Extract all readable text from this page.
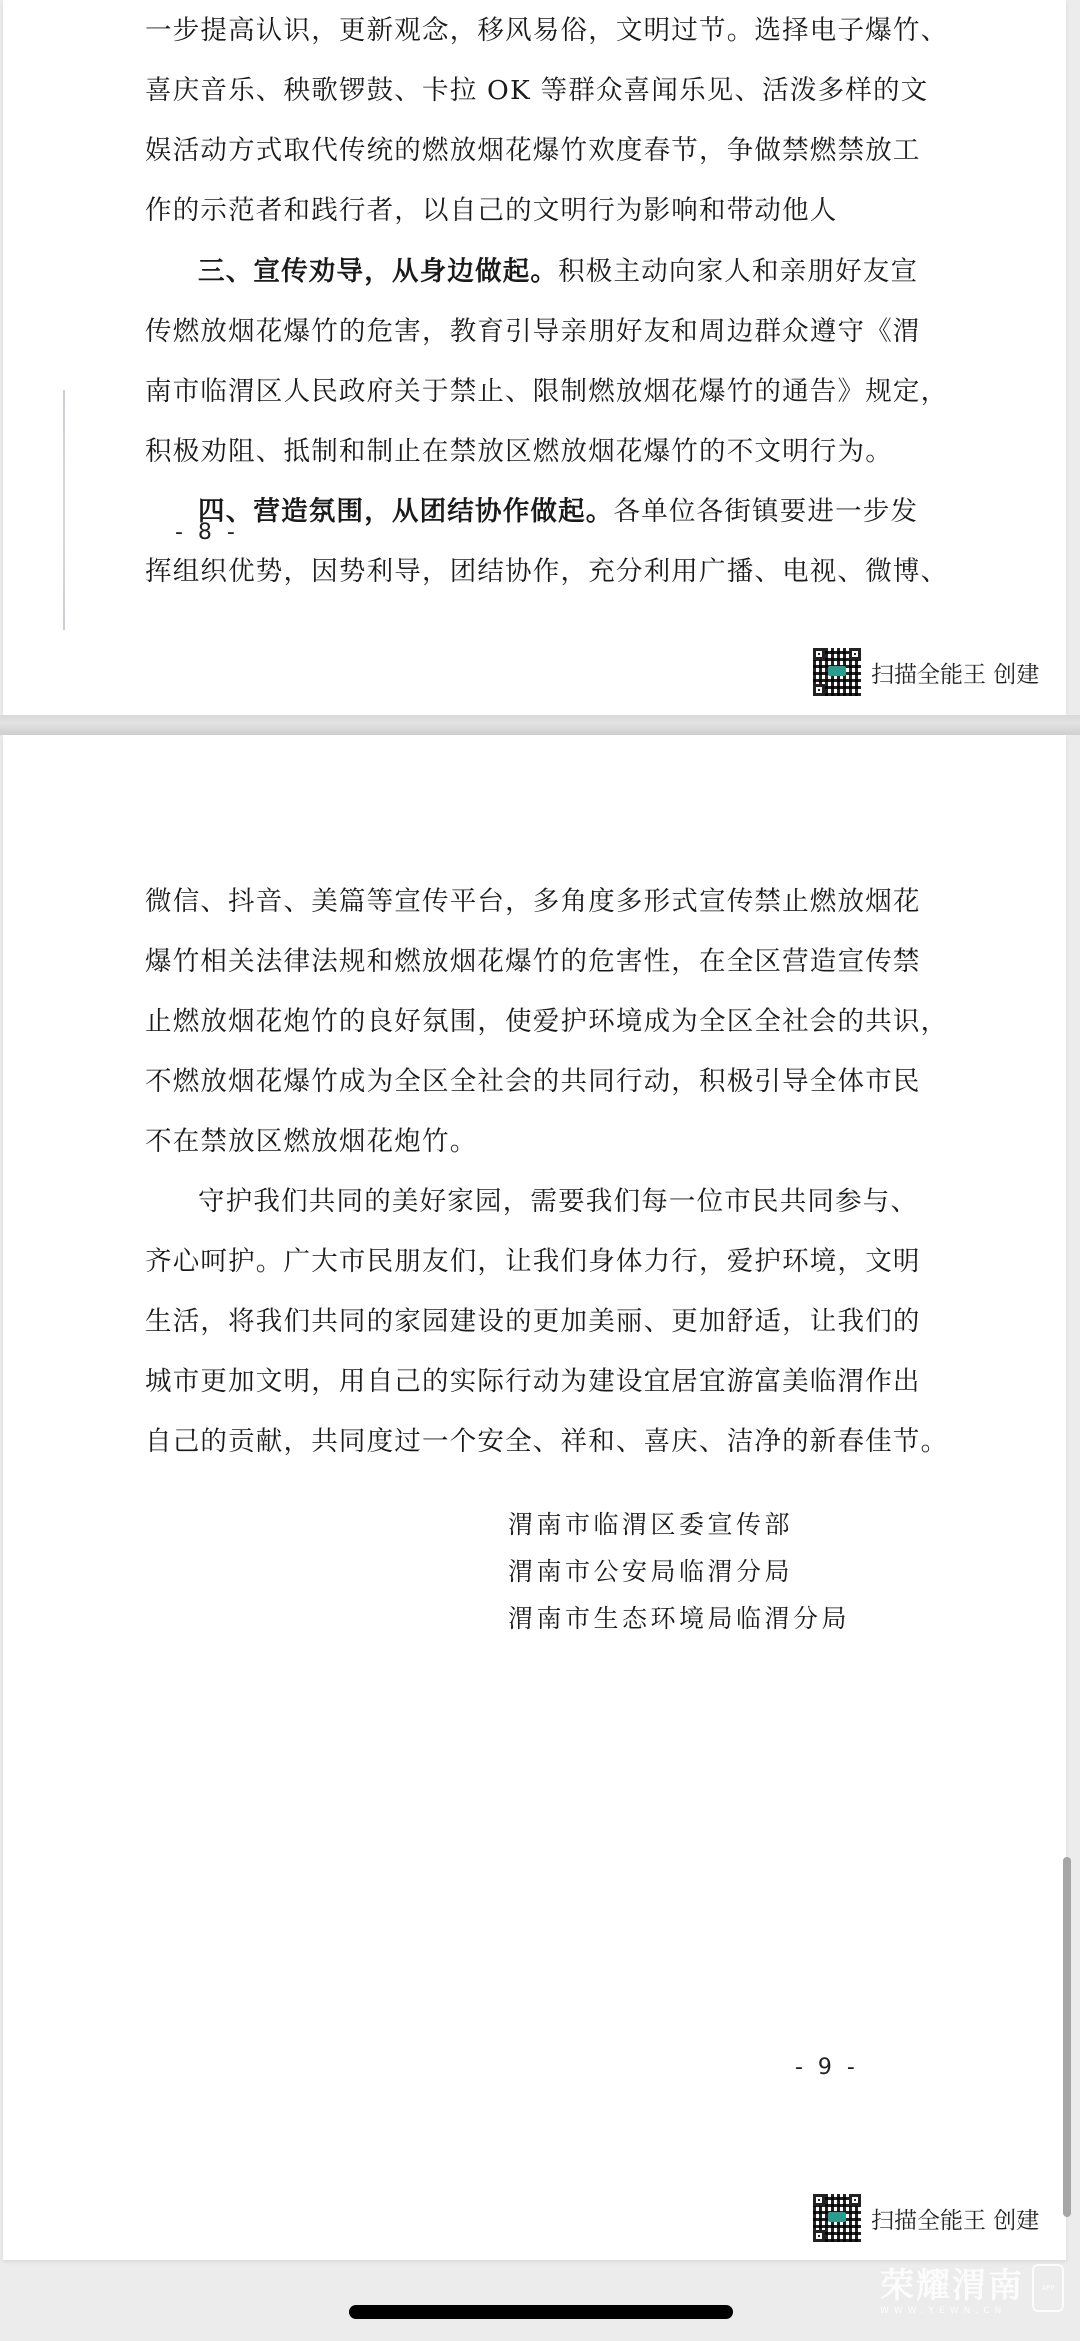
一步提高认识，更新观念，移风易俗，文明过节。选择电子爆竹、
喜庆音乐、秧歌锣鼓、卡拉 OK 等群众喜闻乐见、活泼多样的文
娱活动方式取代传统的燃放烟花爆竹欢度春节，争做禁燃禁放工
作的示范者和践行者，以自己的文明行为影响和带动他人
三、宣传劝导，从身边做起。积极主动向家人和亲朋好友宣
传燃放烟花爆竹的危害，教育引导亲朋好友和周边群众遵守《渭
南市临渭区人民政府关于禁止、限制燃放烟花爆竹的通告》规定，
积极劝阻、抵制和制止在禁放区燃放烟花爆竹的不文明行为。
四、营造氛围，从团结协作做起。各单位各街镇要进一步发
挥组织优势，因势利导，团结协作，充分利用广播、电视、微博、
- 8 -
扫描全能王 创建
微信、抖音、美篇等宣传平台，多角度多形式宣传禁止燃放烟花
爆竹相关法律法规和燃放烟花爆竹的危害性，在全区营造宣传禁
止燃放烟花炮竹的良好氛围，使爱护环境成为全区全社会的共识，
不燃放烟花爆竹成为全区全社会的共同行动，积极引导全体市民
不在禁放区燃放烟花炮竹。
守护我们共同的美好家园，需要我们每一位市民共同参与、
齐心呵护。广大市民朋友们，让我们身体力行，爱护环境，文明
生活，将我们共同的家园建设的更加美丽、更加舒适，让我们的
城市更加文明，用自己的实际行动为建设宜居宜游富美临渭作出
自己的贡献，共同度过一个安全、祥和、喜庆、洁净的新春佳节。
渭南市临渭区委宣传部
渭南市公安局临渭分局
渭南市生态环境局临渭分局
- 9 -
扫描全能王 创建
荣耀渭南
WWW.YEWN.CN
APP
